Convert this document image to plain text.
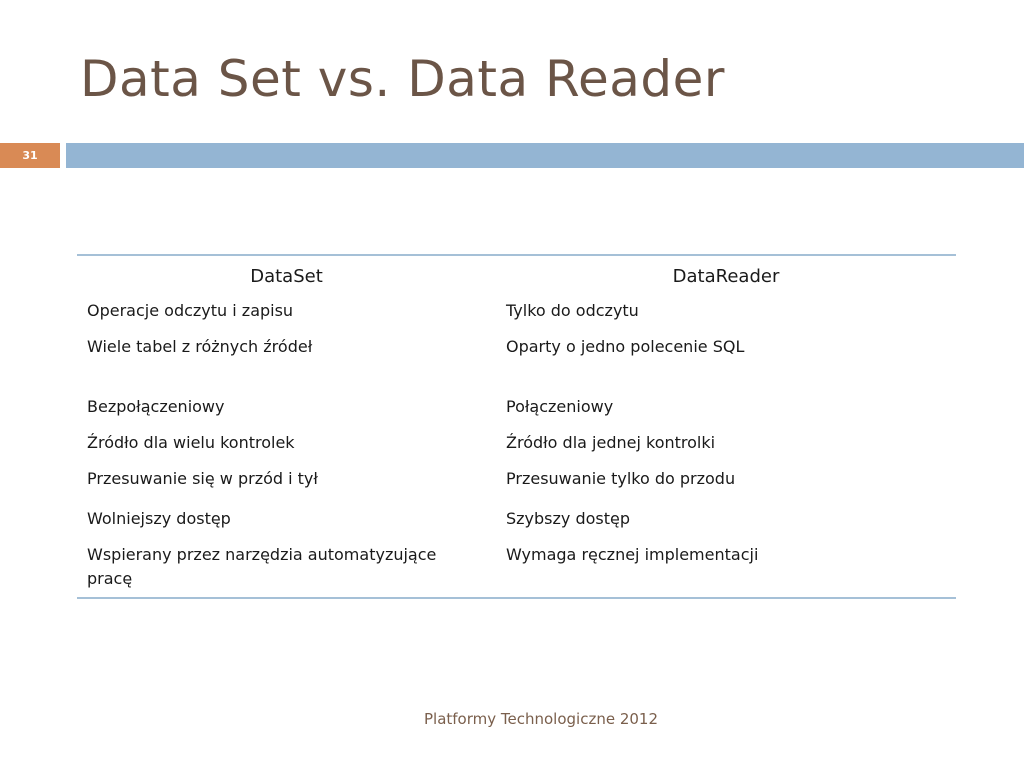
Data Set vs. Data Reader
31
DataSet	DataReader
Operacje odczytu i zapisu	Tylko do odczytu
Wiele tabel z różnych źródeł	Oparty o jedno polecenie SQL
Bezpołączeniowy	Połączeniowy
Źródło dla wielu kontrolek	Źródło dla jednej kontrolki
Przesuwanie się w przód i tył	Przesuwanie tylko do przodu
Wolniejszy dostęp	Szybszy dostęp
Wspierany przez narzędzia automatyzujące pracę	Wymaga ręcznej implementacji
Platformy Technologiczne 2012
